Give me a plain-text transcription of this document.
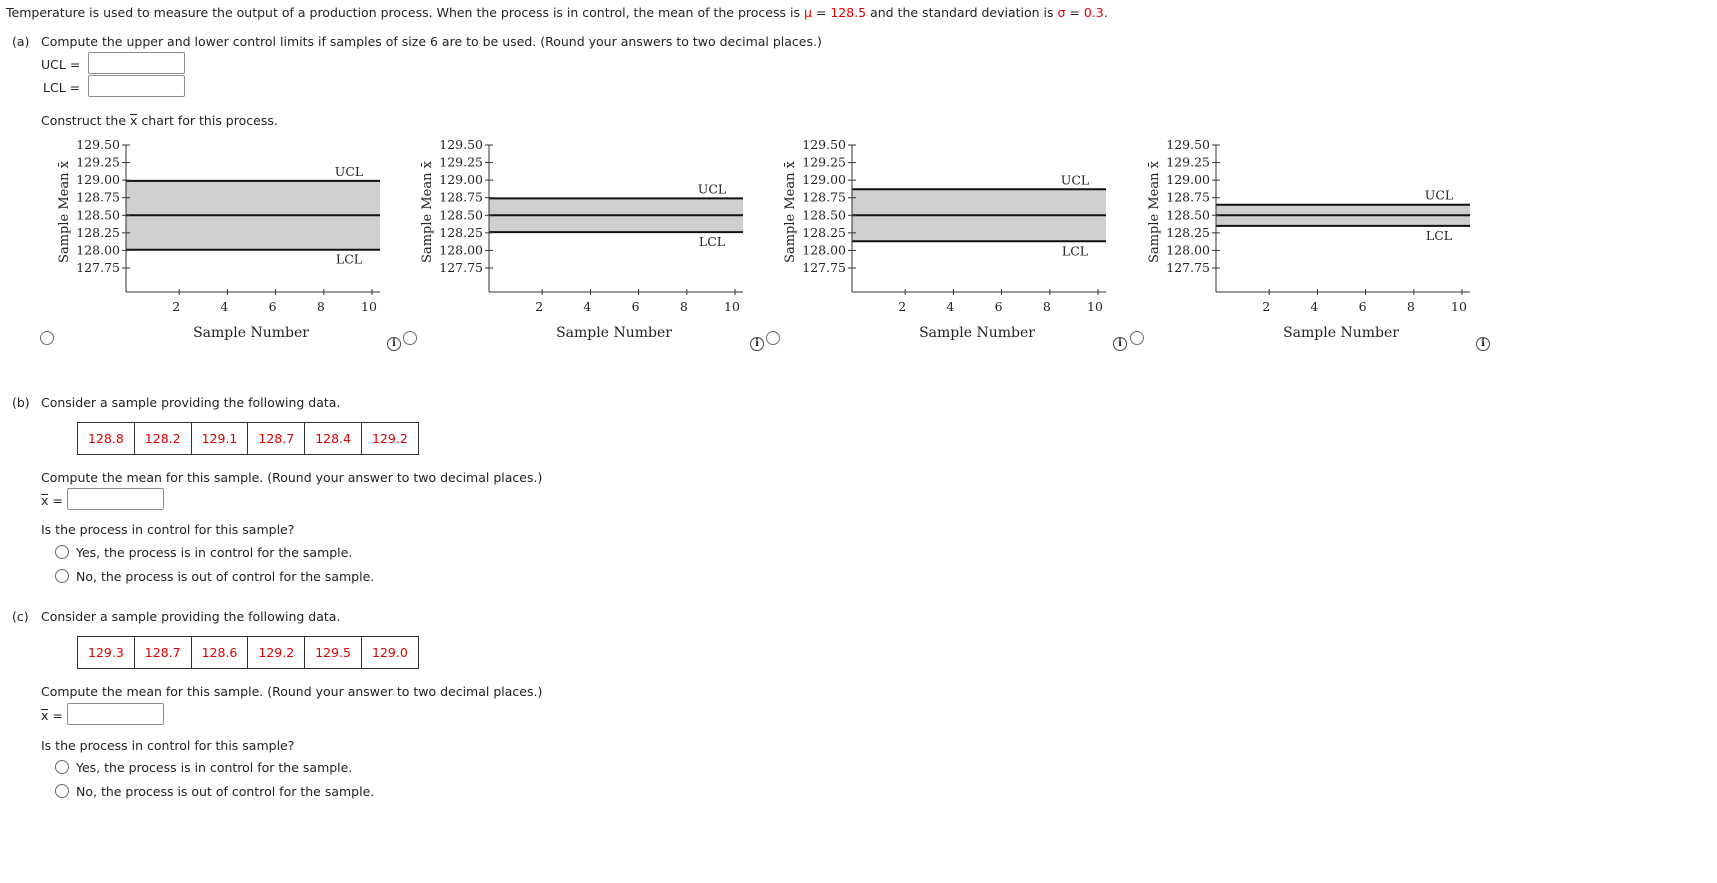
Temperature is used to measure the output of a production process. When the process is in control, the mean of the process is μ = 128.5 and the standard deviation is σ = 0.3.
(a) Compute the upper and lower control limits if samples of size 6 are to be used. (Round your answers to two decimal places.)
UCL =
LCL =
Construct the x chart for this process.
129.50
129.25
129.00
128.75
128.50
128.25
128.00
127.75
2	4	6	8	10
UCL
LCL
Sample Number
Sample Mean x̄
129.50
129.25
129.00
128.75
128.50
128.25
128.00
127.75
2	4	6	8	10
UCL
LCL
Sample Number
Sample Mean x̄
129.50
129.25
129.00
128.75
128.50
128.25
128.00
127.75
2	4	6	8	10
UCL
LCL
Sample Number
Sample Mean x̄
129.50
129.25
129.00
128.75
128.50
128.25
128.00
127.75
2	4	6	8	10
UCL
LCL
Sample Number
Sample Mean x̄
i	i	i	i
(b) Consider a sample providing the following data.
128.8	128.2	129.1	128.7	128.4	129.2
Compute the mean for this sample. (Round your answer to two decimal places.)
x =
Is the process in control for this sample?
Yes, the process is in control for the sample.
No, the process is out of control for the sample.
(c) Consider a sample providing the following data.
129.3	128.7	128.6	129.2	129.5	129.0
Compute the mean for this sample. (Round your answer to two decimal places.)
x =
Is the process in control for this sample?
Yes, the process is in control for the sample.
No, the process is out of control for the sample.
